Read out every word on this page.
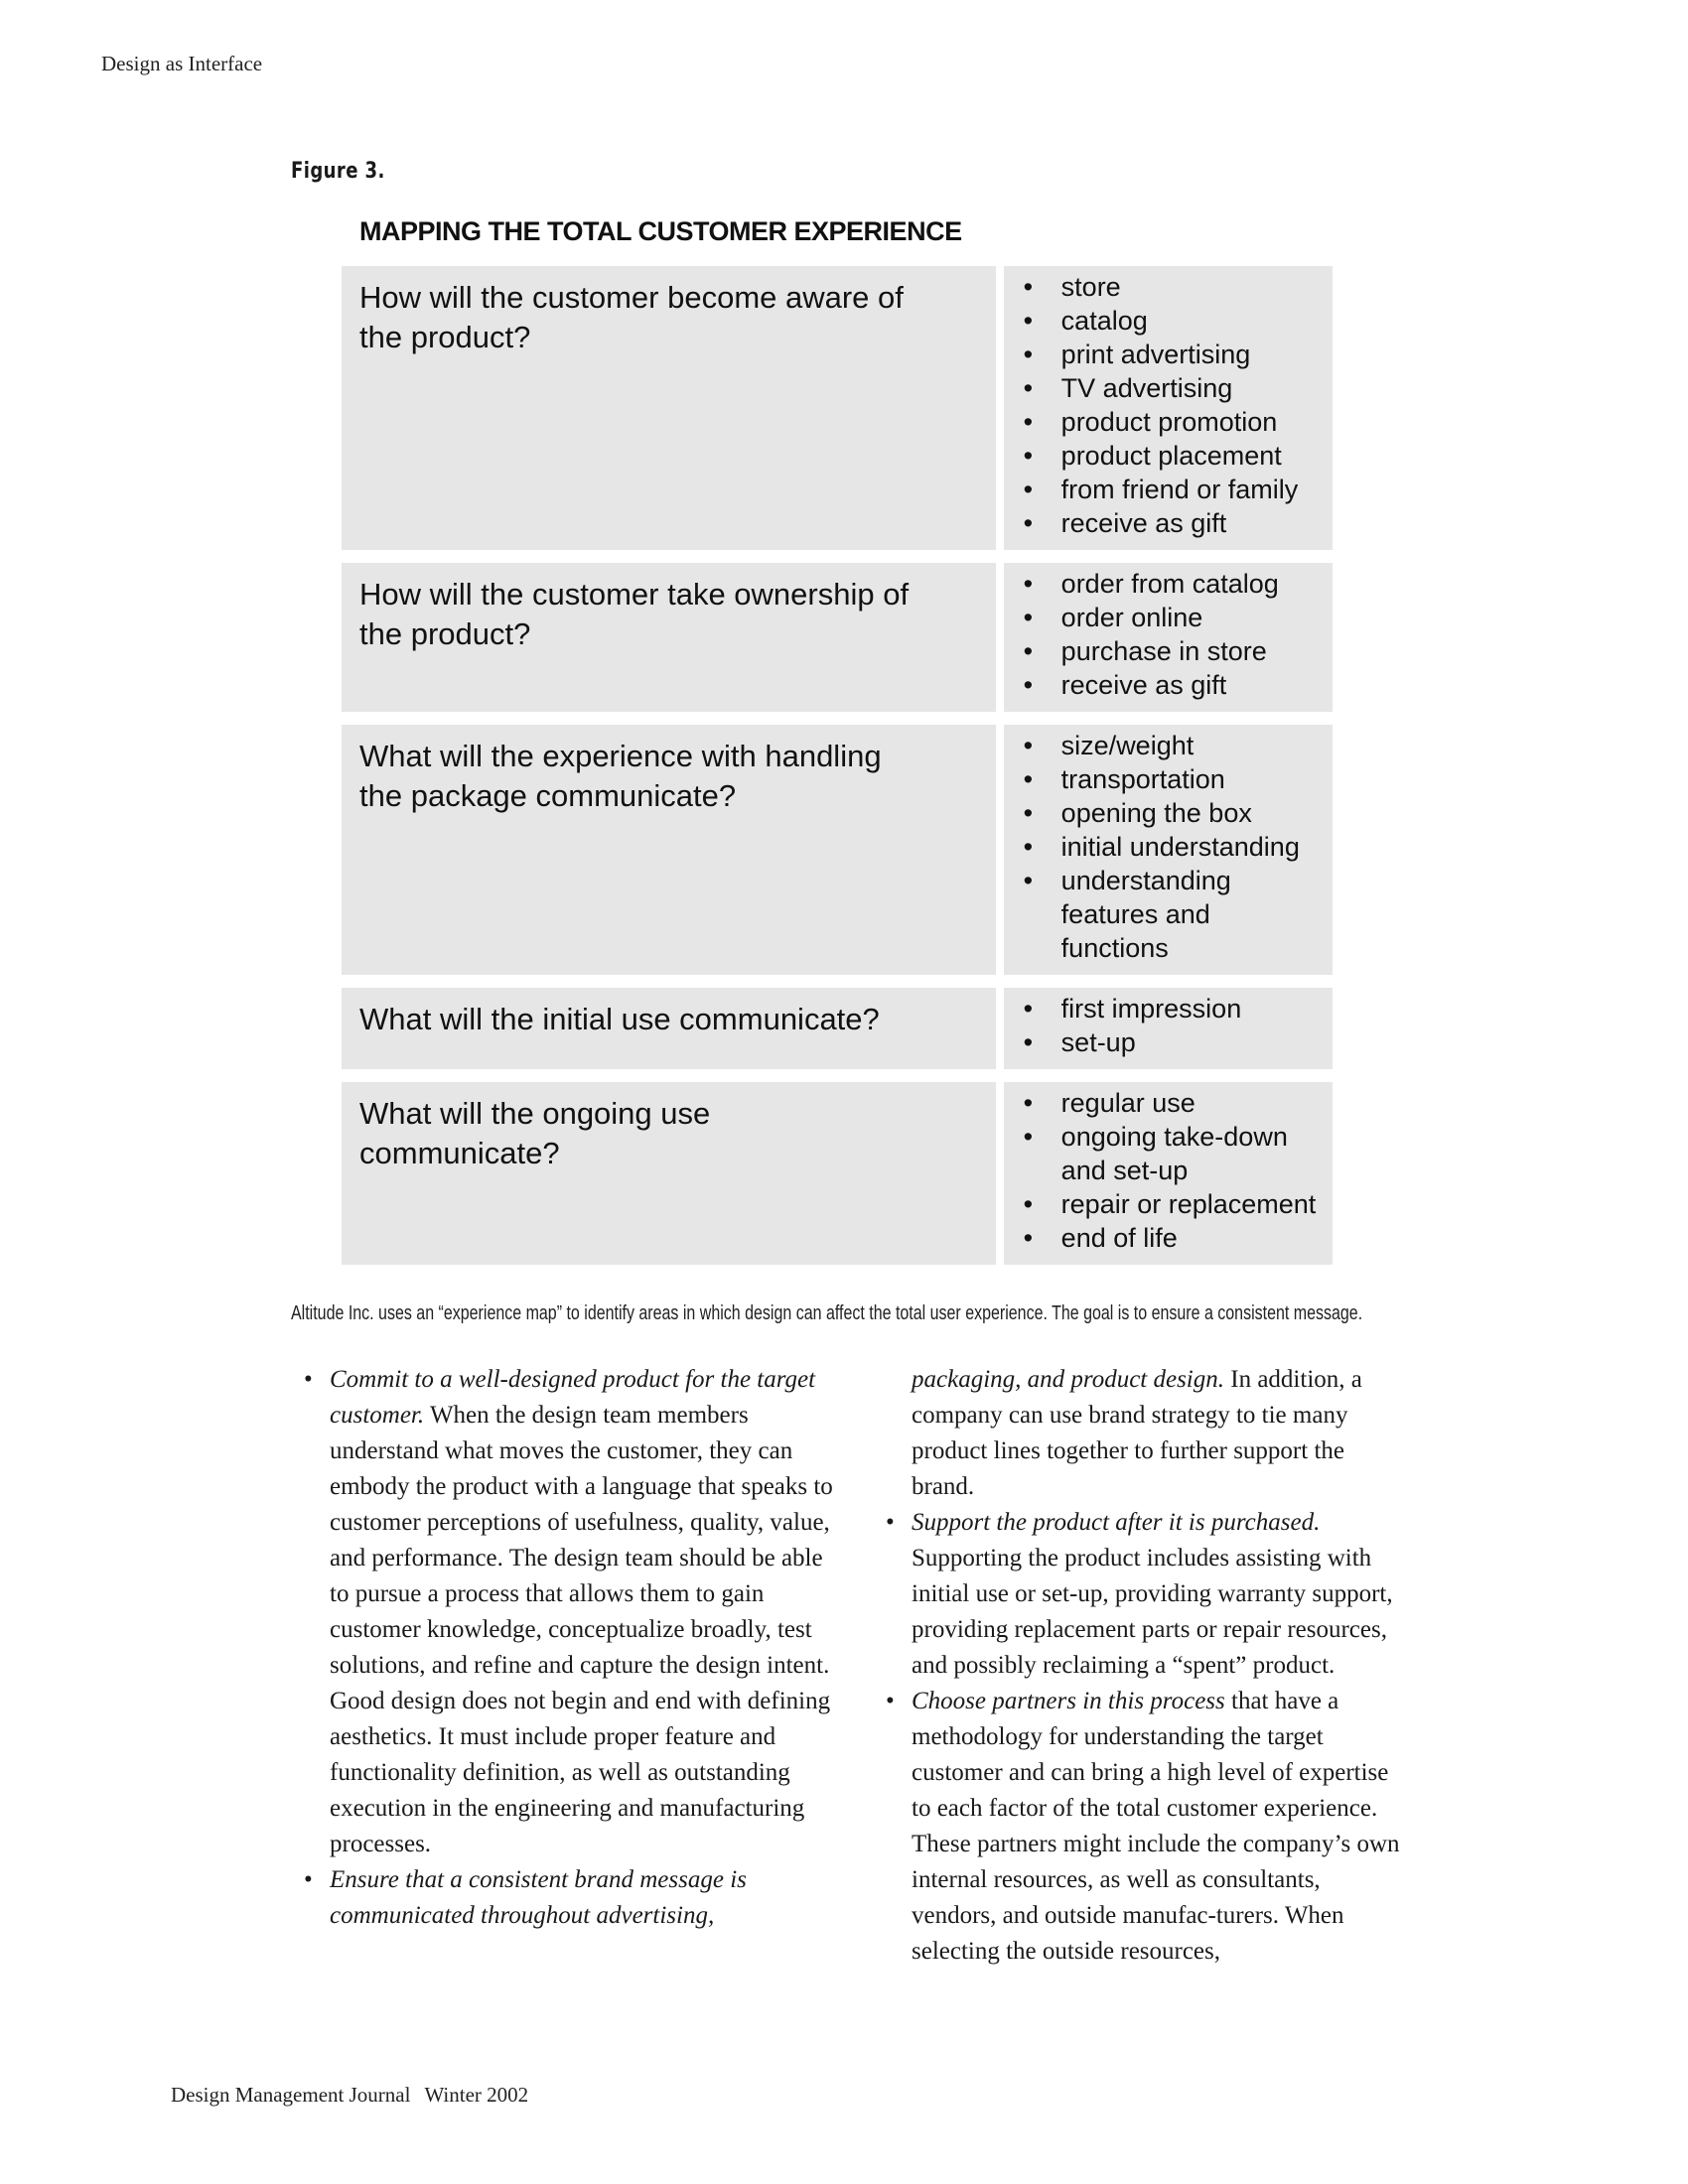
Design as Interface
Figure 3.
MAPPING THE TOTAL CUSTOMER EXPERIENCE
How will the customer become aware of the product?
• store
• catalog
• print advertising
• TV advertising
• product promotion
• product placement
• from friend or family
• receive as gift
How will the customer take ownership of the product?
• order from catalog
• order online
• purchase in store
• receive as gift
What will the experience with handling the package communicate?
• size/weight
• transportation
• opening the box
• initial understanding
• understanding features and functions
What will the initial use communicate?
•	first impression
• set-up
What will the ongoing use communicate?
• regular use
• ongoing take-down and set-up
• repair or replacement
• end of life
Altitude Inc. uses an “experience map” to identify areas in which design can affect the total user experience. The goal is to ensure a consistent message.
• Commit to a well-designed product for the target customer. When the design team members understand what moves the customer, they can embody the product with a language that speaks to customer perceptions of usefulness, quality, value, and performance. The design team should be able to pursue a process that allows them to gain customer knowledge, conceptualize broadly, test solutions, and refine and capture the design intent. Good design does not begin and end with defining aesthetics. It must include proper feature and functionality definition, as well as outstanding execution in the engineering and manufacturing processes.
• Ensure that a consistent brand message is communicated throughout advertising,
packaging, and product design. In addition, a company can use brand strategy to tie many product lines together to further support the brand.
• Support the product after it is purchased. Supporting the product includes assisting with initial use or set-up, providing warranty support, providing replacement parts or repair resources, and possibly reclaiming a “spent” product.
• Choose partners in this process that have a methodology for understanding the target customer and can bring a high level of expertise to each factor of the total customer experience. These partners might include the company’s own internal resources, as well as consultants, vendors, and outside manufac-turers. When selecting the outside resources,
Design Management Journal Winter 2002
